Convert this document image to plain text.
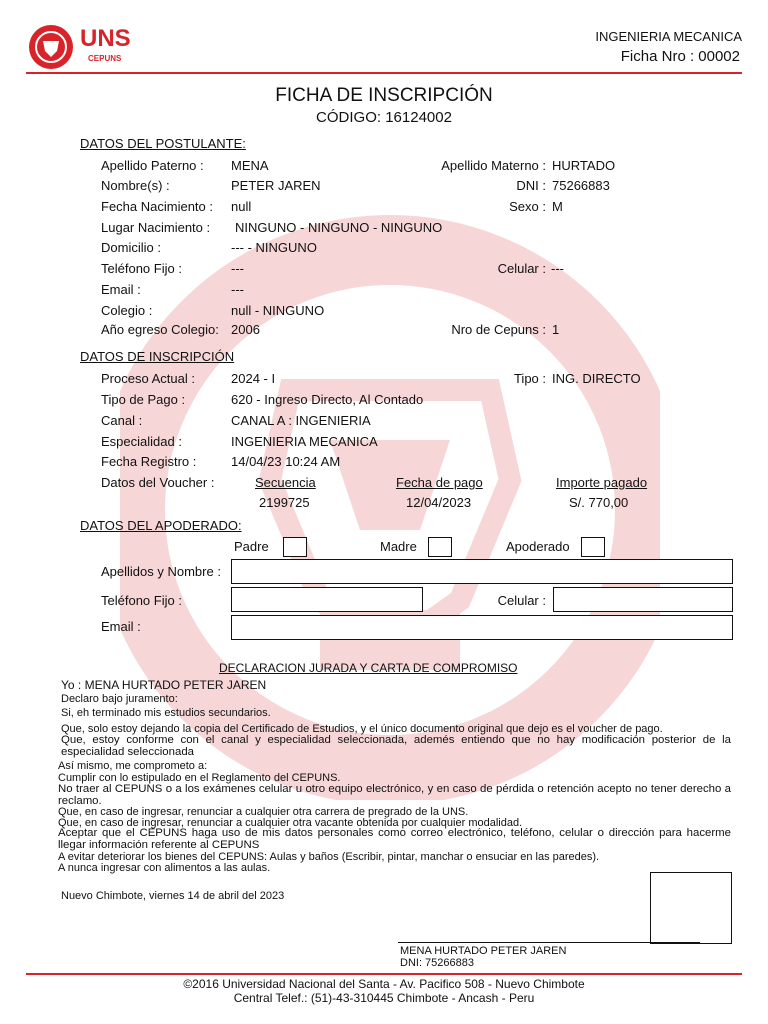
UNS
CEPUNS
INGENIERIA MECANICA
Ficha Nro : 00002
FICHA DE INSCRIPCIÓN
CÓDIGO: 16124002
DATOS DEL POSTULANTE:
Apellido Paterno : MENA	Apellido Materno : HURTADO
Nombre(s) :	PETER JAREN	DNI : 75266883
Fecha Nacimiento : null	Sexo : M
Lugar Nacimiento : NINGUNO - NINGUNO - NINGUNO
Domicilio :	--- - NINGUNO
Teléfono Fijo :	---	Celular : ---
Email :	---
Colegio :	null - NINGUNO
Año egreso Colegio: 2006	Nro de Cepuns : 1
DATOS DE INSCRIPCIÓN
Proceso Actual :	2024 - I	Tipo : ING. DIRECTO
Tipo de Pago :	620 - Ingreso Directo, Al Contado
Canal :	CANAL A : INGENIERIA
Especialidad :	INGENIERIA MECANICA
Fecha Registro :	14/04/23 10:24 AM
Datos del Voucher :	Secuencia	Fecha de pago	Importe pagado
2199725	12/04/2023	S/. 770,00
DATOS DEL APODERADO:
Padre	Madre	Apoderado
Apellidos y Nombre :
Teléfono Fijo :	Celular :
Email :
DECLARACION JURADA Y CARTA DE COMPROMISO
Yo : MENA HURTADO PETER JAREN
Declaro bajo juramento:
Si, eh terminado mis estudios secundarios.
Que, solo estoy dejando la copia del Certificado de Estudios, y el único documento original que dejo es el voucher de pago.
Que, estoy conforme con el canal y especialidad seleccionada, ademés entiendo que no hay modificación posterior de la especialidad seleccionada
Así mismo, me comprometo a:
Cumplir con lo estipulado en el Reglamento del CEPUNS.
No traer al CEPUNS o a los exámenes celular u otro equipo electrónico, y en caso de pérdida o retención acepto no tener derecho a reclamo.
Que, en caso de ingresar, renunciar a cualquier otra carrera de pregrado de la UNS.
Que, en caso de ingresar, renunciar a cualquier otra vacante obtenida por cualquier modalidad.
Aceptar que el CEPUNS haga uso de mis datos personales como correo electrónico, teléfono, celular o dirección para hacerme llegar información referente al CEPUNS
A evitar deteriorar los bienes del CEPUNS: Aulas y baños (Escribir, pintar, manchar o ensuciar en las paredes).
A nunca ingresar con alimentos a las aulas.
Nuevo Chimbote, viernes 14 de abril del 2023
MENA HURTADO PETER JAREN
DNI: 75266883
©2016 Universidad Nacional del Santa - Av. Pacifico 508 - Nuevo Chimbote
Central Telef.: (51)-43-310445 Chimbote - Ancash - Peru
